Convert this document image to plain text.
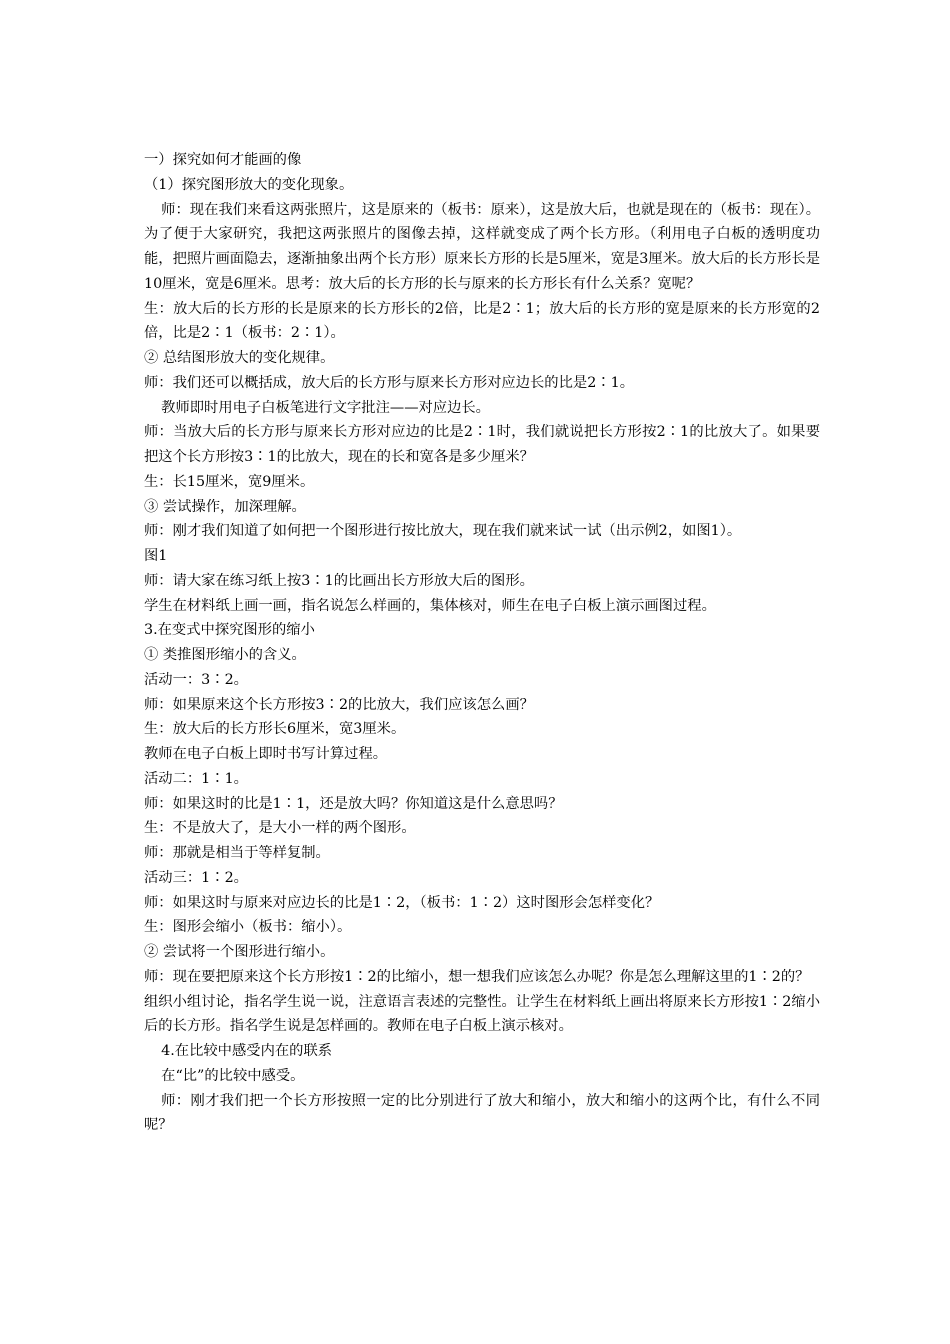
一）探究如何才能画的像

（1）探究图形放大的变化现象。

师：现在我们来看这两张照片，这是原来的（板书：原来），这是放大后，也就是现在的（板书：现在）。为了便于大家研究，我把这两张照片的图像去掉，这样就变成了两个长方形。（利用电子白板的透明度功能，把照片画面隐去，逐渐抽象出两个长方形）原来长方形的长是5厘米，宽是3厘米。放大后的长方形长是10厘米，宽是6厘米。思考：放大后的长方形的长与原来的长方形长有什么关系？宽呢？

生：放大后的长方形的长是原来的长方形长的2倍，比是2∶1；放大后的长方形的宽是原来的长方形宽的2倍，比是2∶1（板书：2∶1）。

② 总结图形放大的变化规律。

师：我们还可以概括成，放大后的长方形与原来长方形对应边长的比是2∶1。

教师即时用电子白板笔进行文字批注——对应边长。

师：当放大后的长方形与原来长方形对应边的比是2∶1时，我们就说把长方形按2∶1的比放大了。如果要把这个长方形按3∶1的比放大，现在的长和宽各是多少厘米？

生：长15厘米，宽9厘米。

③ 尝试操作，加深理解。

师：刚才我们知道了如何把一个图形进行按比放大，现在我们就来试一试（出示例2，如图1）。

图1

师：请大家在练习纸上按3∶1的比画出长方形放大后的图形。

学生在材料纸上画一画，指名说怎么样画的，集体核对，师生在电子白板上演示画图过程。

3.在变式中探究图形的缩小

① 类推图形缩小的含义。

活动一：3∶2。

师：如果原来这个长方形按3∶2的比放大，我们应该怎么画？

生：放大后的长方形长6厘米，宽3厘米。

教师在电子白板上即时书写计算过程。

活动二：1∶1。

师：如果这时的比是1∶1，还是放大吗？你知道这是什么意思吗？

生：不是放大了，是大小一样的两个图形。

师：那就是相当于等样复制。

活动三：1∶2。

师：如果这时与原来对应边长的比是1∶2，（板书：1∶2）这时图形会怎样变化？

生：图形会缩小（板书：缩小）。

② 尝试将一个图形进行缩小。

师：现在要把原来这个长方形按1∶2的比缩小，想一想我们应该怎么办呢？你是怎么理解这里的1∶2的？

组织小组讨论，指名学生说一说，注意语言表述的完整性。让学生在材料纸上画出将原来长方形按1∶2缩小后的长方形。指名学生说是怎样画的。教师在电子白板上演示核对。

4.在比较中感受内在的联系

在“比”的比较中感受。

师：刚才我们把一个长方形按照一定的比分别进行了放大和缩小，放大和缩小的这两个比，有什么不同呢？
